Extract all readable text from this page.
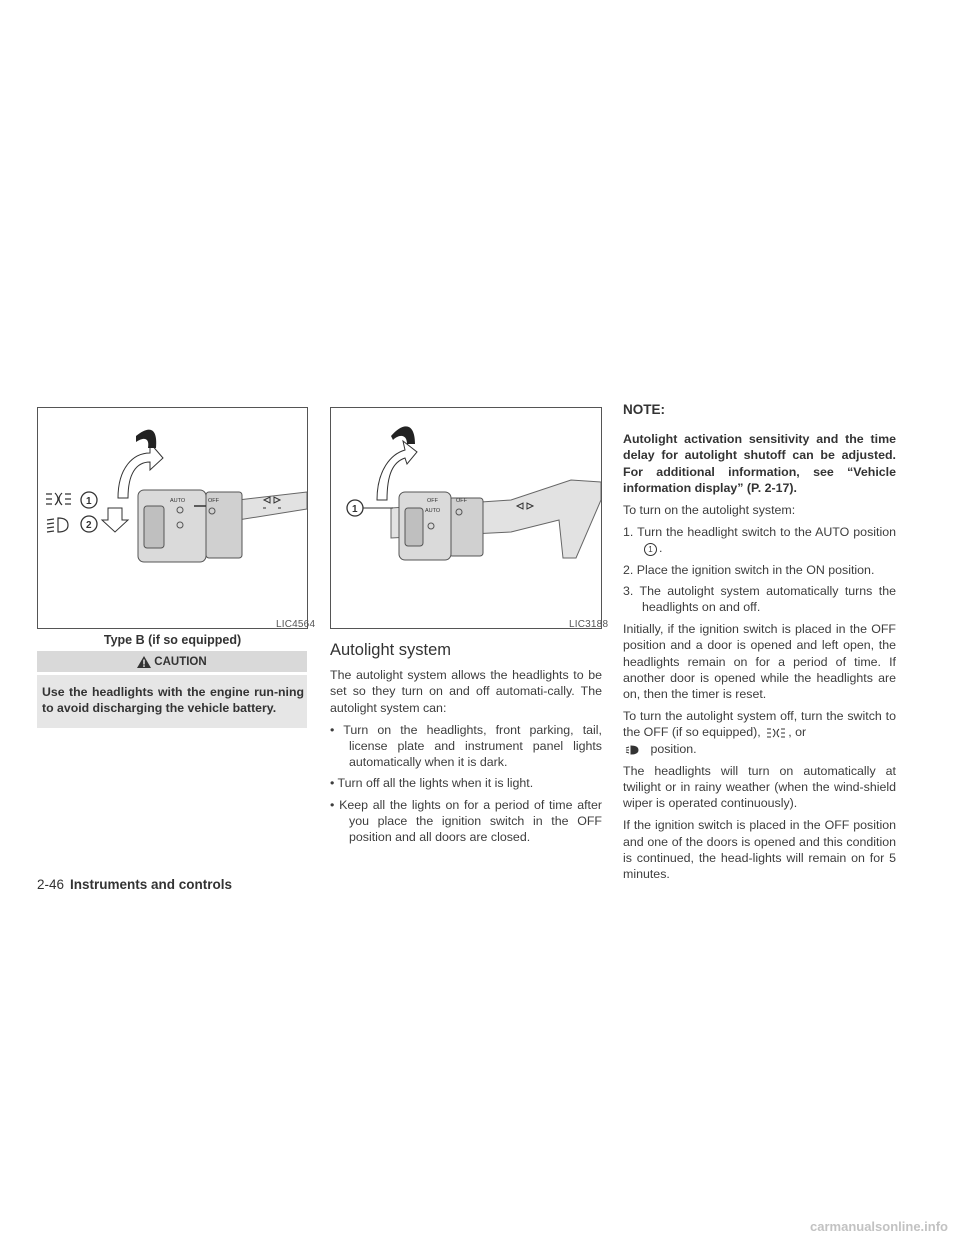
AUTO	OFF
1
2
LIC4564
Type B (if so equipped)
CAUTION
Use the headlights with the engine run-ning to avoid discharging the vehicle battery.
OFF
AUTO
OFF
1
LIC3188
Autolight system

The autolight system allows the headlights to be set so they turn on and off automati-cally. The autolight system can:

• Turn on the headlights, front parking, tail, license plate and instrument panel lights automatically when it is dark.
• Turn off all the lights when it is light.
• Keep all the lights on for a period of time after you place the ignition switch in the OFF position and all doors are closed.
NOTE:

Autolight activation sensitivity and the time delay for autolight shutoff can be adjusted. For additional information, see “Vehicle information display” (P. 2-17).

To turn on the autolight system:

1. Turn the headlight switch to the AUTO position1 .
2. Place the ignition switch in the ON position.
3. The autolight system automatically turns the headlights on and off.

Initially, if the ignition switch is placed in the OFF position and a door is opened and left open, the headlights remain on for a period of time. If another door is opened while the headlights are on, then the timer is reset.

To turn the autolight system off, turn the switch to the OFF (if so equipped), , or
position.

The headlights will turn on automatically at twilight or in rainy weather (when the wind-shield wiper is operated continuously).

If the ignition switch is placed in the OFF position and one of the doors is opened and this condition is continued, the head-lights will remain on for 5 minutes.

2-46 Instruments and controls
carmanualsonline.info
